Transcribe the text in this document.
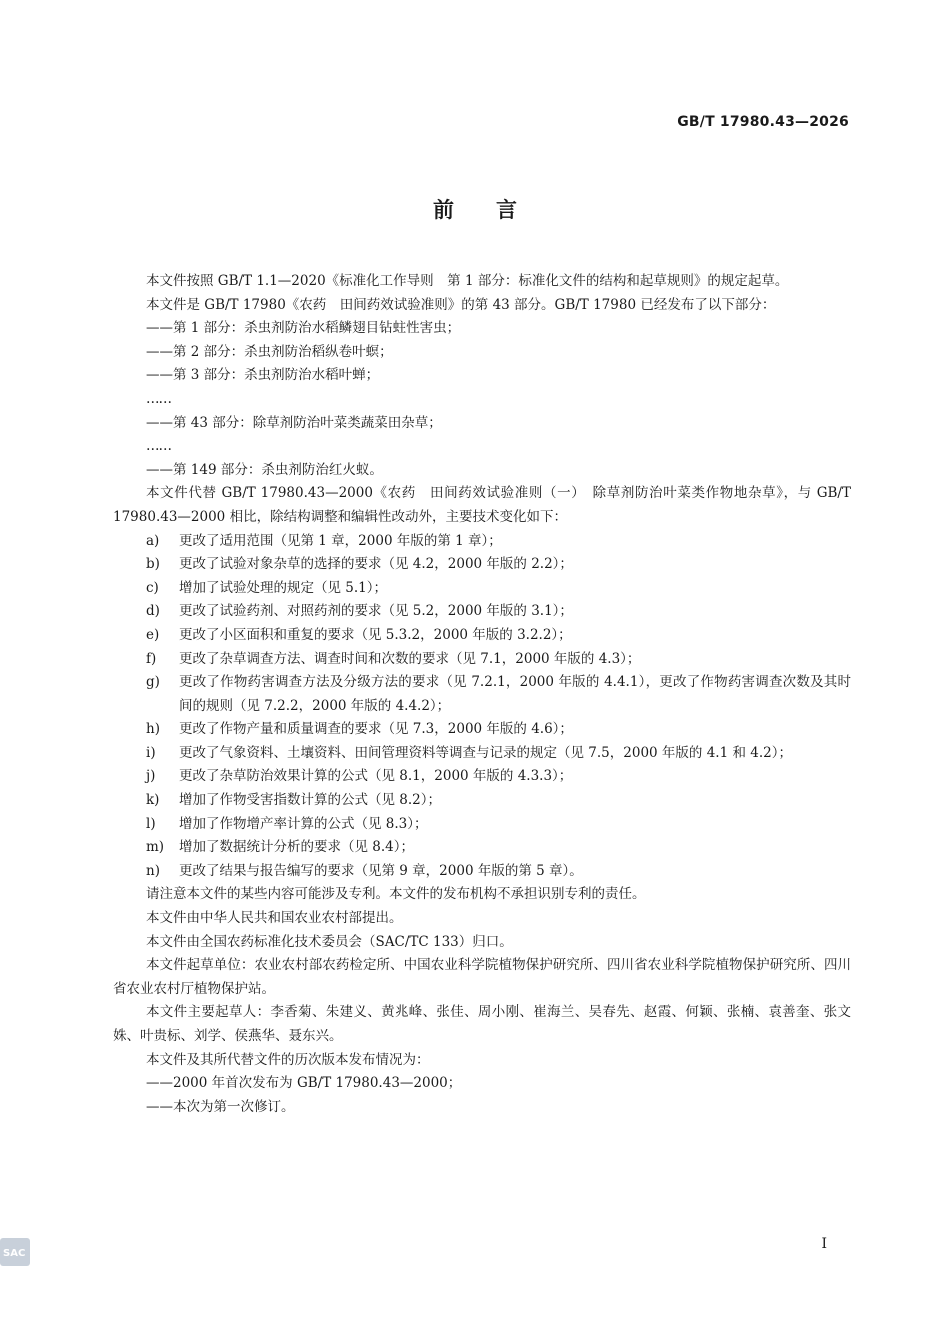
GB/T 17980.43—2026
前言

本文件按照 GB/T 1.1—2020《标准化工作导则　第 1 部分：标准化文件的结构和起草规则》的规定起草。

本文件是 GB/T 17980《农药　田间药效试验准则》的第 43 部分。GB/T 17980 已经发布了以下部分：

——第 1 部分：杀虫剂防治水稻鳞翅目钻蛀性害虫；

——第 2 部分：杀虫剂防治稻纵卷叶螟；

——第 3 部分：杀虫剂防治水稻叶蝉；

……

——第 43 部分：除草剂防治叶菜类蔬菜田杂草；

……

——第 149 部分：杀虫剂防治红火蚁。

本文件代替 GB/T 17980.43—2000《农药　田间药效试验准则（一）　除草剂防治叶菜类作物地杂草》，与 GB/T 17980.43—2000 相比，除结构调整和编辑性改动外，主要技术变化如下：

a)	更改了适用范围（见第 1 章，2000 年版的第 1 章）；
b)	更改了试验对象杂草的选择的要求（见 4.2，2000 年版的 2.2）；
c)	增加了试验处理的规定（见 5.1）；
d)	更改了试验药剂、对照药剂的要求（见 5.2，2000 年版的 3.1）；
e)	更改了小区面积和重复的要求（见 5.3.2，2000 年版的 3.2.2）；
f)	更改了杂草调查方法、调查时间和次数的要求（见 7.1，2000 年版的 4.3）；
g)	更改了作物药害调查方法及分级方法的要求（见 7.2.1，2000 年版的 4.4.1），更改了作物药害调查次数及其时间的规则（见 7.2.2，2000 年版的 4.4.2）；
h)	更改了作物产量和质量调查的要求（见 7.3，2000 年版的 4.6）；
i)	更改了气象资料、土壤资料、田间管理资料等调查与记录的规定（见 7.5，2000 年版的 4.1 和 4.2）；
j)	更改了杂草防治效果计算的公式（见 8.1，2000 年版的 4.3.3）；
k)	增加了作物受害指数计算的公式（见 8.2）；
l)	增加了作物增产率计算的公式（见 8.3）；
m)	增加了数据统计分析的要求（见 8.4）；
n)	更改了结果与报告编写的要求（见第 9 章，2000 年版的第 5 章）。

请注意本文件的某些内容可能涉及专利。本文件的发布机构不承担识别专利的责任。

本文件由中华人民共和国农业农村部提出。

本文件由全国农药标准化技术委员会（SAC/TC 133）归口。

本文件起草单位：农业农村部农药检定所、中国农业科学院植物保护研究所、四川省农业科学院植物保护研究所、四川省农业农村厅植物保护站。

本文件主要起草人：李香菊、朱建义、黄兆峰、张佳、周小刚、崔海兰、吴春先、赵霞、何颖、张楠、袁善奎、张文姝、叶贵标、刘学、侯燕华、聂东兴。

本文件及其所代替文件的历次版本发布情况为：

——2000 年首次发布为 GB/T 17980.43—2000；

——本次为第一次修订。

I
SAC
